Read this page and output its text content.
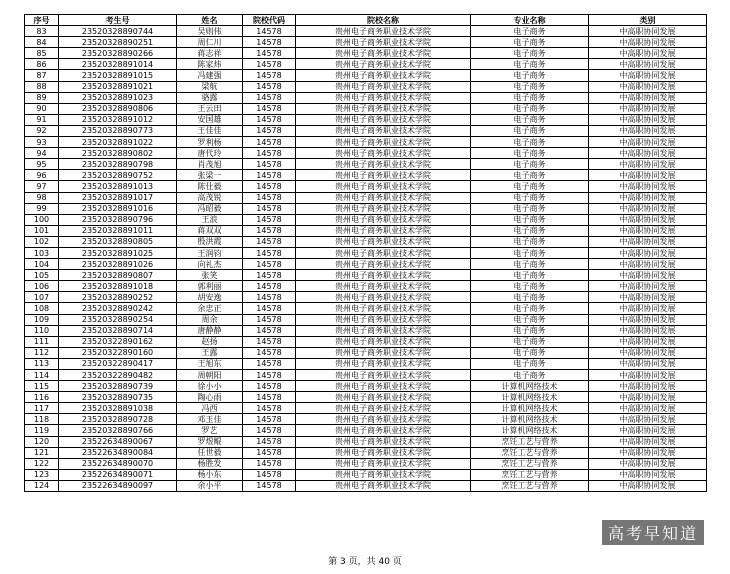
序号	考生号	姓名	院校代码	院校名称	专业名称	类别
83	23520328890744	吴则伟	14578	贵州电子商务职业技术学院	电子商务	中高职协同发展
84	23520328890251	周仁川	14578	贵州电子商务职业技术学院	电子商务	中高职协同发展
85	23520328890266	蒋志祥	14578	贵州电子商务职业技术学院	电子商务	中高职协同发展
86	23520328891014	陈家炜	14578	贵州电子商务职业技术学院	电子商务	中高职协同发展
87	23520328891015	冯建强	14578	贵州电子商务职业技术学院	电子商务	中高职协同发展
88	23520328891021	梁航	14578	贵州电子商务职业技术学院	电子商务	中高职协同发展
89	23520328891023	骆露	14578	贵州电子商务职业技术学院	电子商务	中高职协同发展
90	23520328890806	王云田	14578	贵州电子商务职业技术学院	电子商务	中高职协同发展
91	23520328891012	安国雄	14578	贵州电子商务职业技术学院	电子商务	中高职协同发展
92	23520328890773	王佳佳	14578	贵州电子商务职业技术学院	电子商务	中高职协同发展
93	23520328891022	罗利杨	14578	贵州电子商务职业技术学院	电子商务	中高职协同发展
94	23520328890802	唐代玲	14578	贵州电子商务职业技术学院	电子商务	中高职协同发展
95	23520328890798	肖茂旭	14578	贵州电子商务职业技术学院	电子商务	中高职协同发展
96	23520328890752	张梁一	14578	贵州电子商务职业技术学院	电子商务	中高职协同发展
97	23520328891013	陈仕毅	14578	贵州电子商务职业技术学院	电子商务	中高职协同发展
98	23520328891017	高茂锐	14578	贵州电子商务职业技术学院	电子商务	中高职协同发展
99	23520328891016	冯昭毅	14578	贵州电子商务职业技术学院	电子商务	中高职协同发展
100	23520328890796	王浪	14578	贵州电子商务职业技术学院	电子商务	中高职协同发展
101	23520328891011	蒋双双	14578	贵州电子商务职业技术学院	电子商务	中高职协同发展
102	23520328890805	殷洪霞	14578	贵州电子商务职业技术学院	电子商务	中高职协同发展
103	23520328891025	王润钧	14578	贵州电子商务职业技术学院	电子商务	中高职协同发展
104	23520328891026	向礼杰	14578	贵州电子商务职业技术学院	电子商务	中高职协同发展
105	23520328890807	张笑	14578	贵州电子商务职业技术学院	电子商务	中高职协同发展
106	23520328891018	郭利丽	14578	贵州电子商务职业技术学院	电子商务	中高职协同发展
107	23520328890252	胡安逸	14578	贵州电子商务职业技术学院	电子商务	中高职协同发展
108	23520328890242	余忠正	14578	贵州电子商务职业技术学院	电子商务	中高职协同发展
109	23520328890254	周余	14578	贵州电子商务职业技术学院	电子商务	中高职协同发展
110	23520328890714	唐静静	14578	贵州电子商务职业技术学院	电子商务	中高职协同发展
111	23520322890162	赵扬	14578	贵州电子商务职业技术学院	电子商务	中高职协同发展
112	23520322890160	王露	14578	贵州电子商务职业技术学院	电子商务	中高职协同发展
113	23520322890417	王旭东	14578	贵州电子商务职业技术学院	电子商务	中高职协同发展
114	23520322890482	周朝阳	14578	贵州电子商务职业技术学院	电子商务	中高职协同发展
115	23520328890739	徐小小	14578	贵州电子商务职业技术学院	计算机网络技术	中高职协同发展
116	23520328890735	陶心雨	14578	贵州电子商务职业技术学院	计算机网络技术	中高职协同发展
117	23520328891038	冯西	14578	贵州电子商务职业技术学院	计算机网络技术	中高职协同发展
118	23520328890728	邓玉佳	14578	贵州电子商务职业技术学院	计算机网络技术	中高职协同发展
119	23520328890766	罗艺	14578	贵州电子商务职业技术学院	计算机网络技术	中高职协同发展
120	23522634890067	罗煜鲲	14578	贵州电子商务职业技术学院	烹饪工艺与营养	中高职协同发展
121	23522634890084	任世毅	14578	贵州电子商务职业技术学院	烹饪工艺与营养	中高职协同发展
122	23522634890070	杨胜发	14578	贵州电子商务职业技术学院	烹饪工艺与营养	中高职协同发展
123	23522634890071	杨小东	14578	贵州电子商务职业技术学院	烹饪工艺与营养	中高职协同发展
124	23522634890097	余小平	14578	贵州电子商务职业技术学院	烹饪工艺与营养	中高职协同发展
第 3 页，共 40 页
高考早知道
